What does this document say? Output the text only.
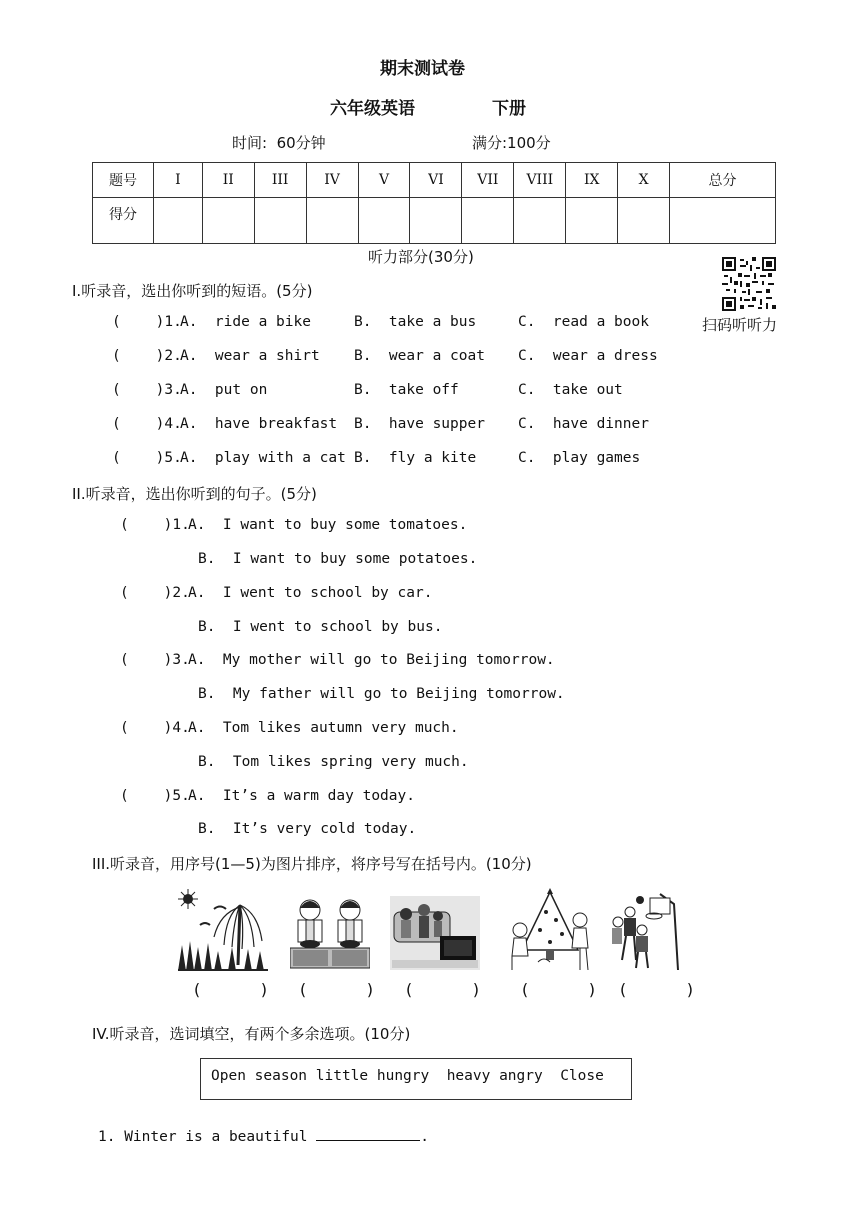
期末测试卷
六年级英语	下册
时间:  60分钟	满分:100分
题号	I	II	III	IV	V	VI	VII	VIII	IX	X	总分
得分											
听力部分(30分)
扫码听听力
I.听录音，选出你听到的短语。(5分)
(    )1.
A.  ride a bike	B.  take a bus	C.  read a book
(    )2.
A.  wear a shirt B.  wear a coat C.  wear a dress
(    )3.
A.  put on	B.  take off	C.  take out
(    )4.
A.  have breakfast B.  have supper C.  have dinner
(    )5.
A.  play with a cat B.  fly a kite	C.  play games
II.听录音，选出你听到的句子。(5分)
(    )1.
A.  I want to buy some tomatoes.
B.  I want to buy some potatoes.
(    )2.
A.  I went to school by car.
B.  I went to school by bus.
(    )3.
A.  My mother will go to Beijing tomorrow.
B.  My father will go to Beijing tomorrow.
(    )4.
A.  Tom likes autumn very much.
B.  Tom likes spring very much.
(    )5.
A.  It’s a warm day today.
B.  It’s very cold today.
III.听录音，用序号(1—5)为图片排序，将序号写在括号内。(10分)
(      ) (      ) (      ) (      ) (      )
IV.听录音，选词填空，有两个多余选项。(10分)
Open season little hungry  heavy angry  Close
1. Winter is a beautiful	.
